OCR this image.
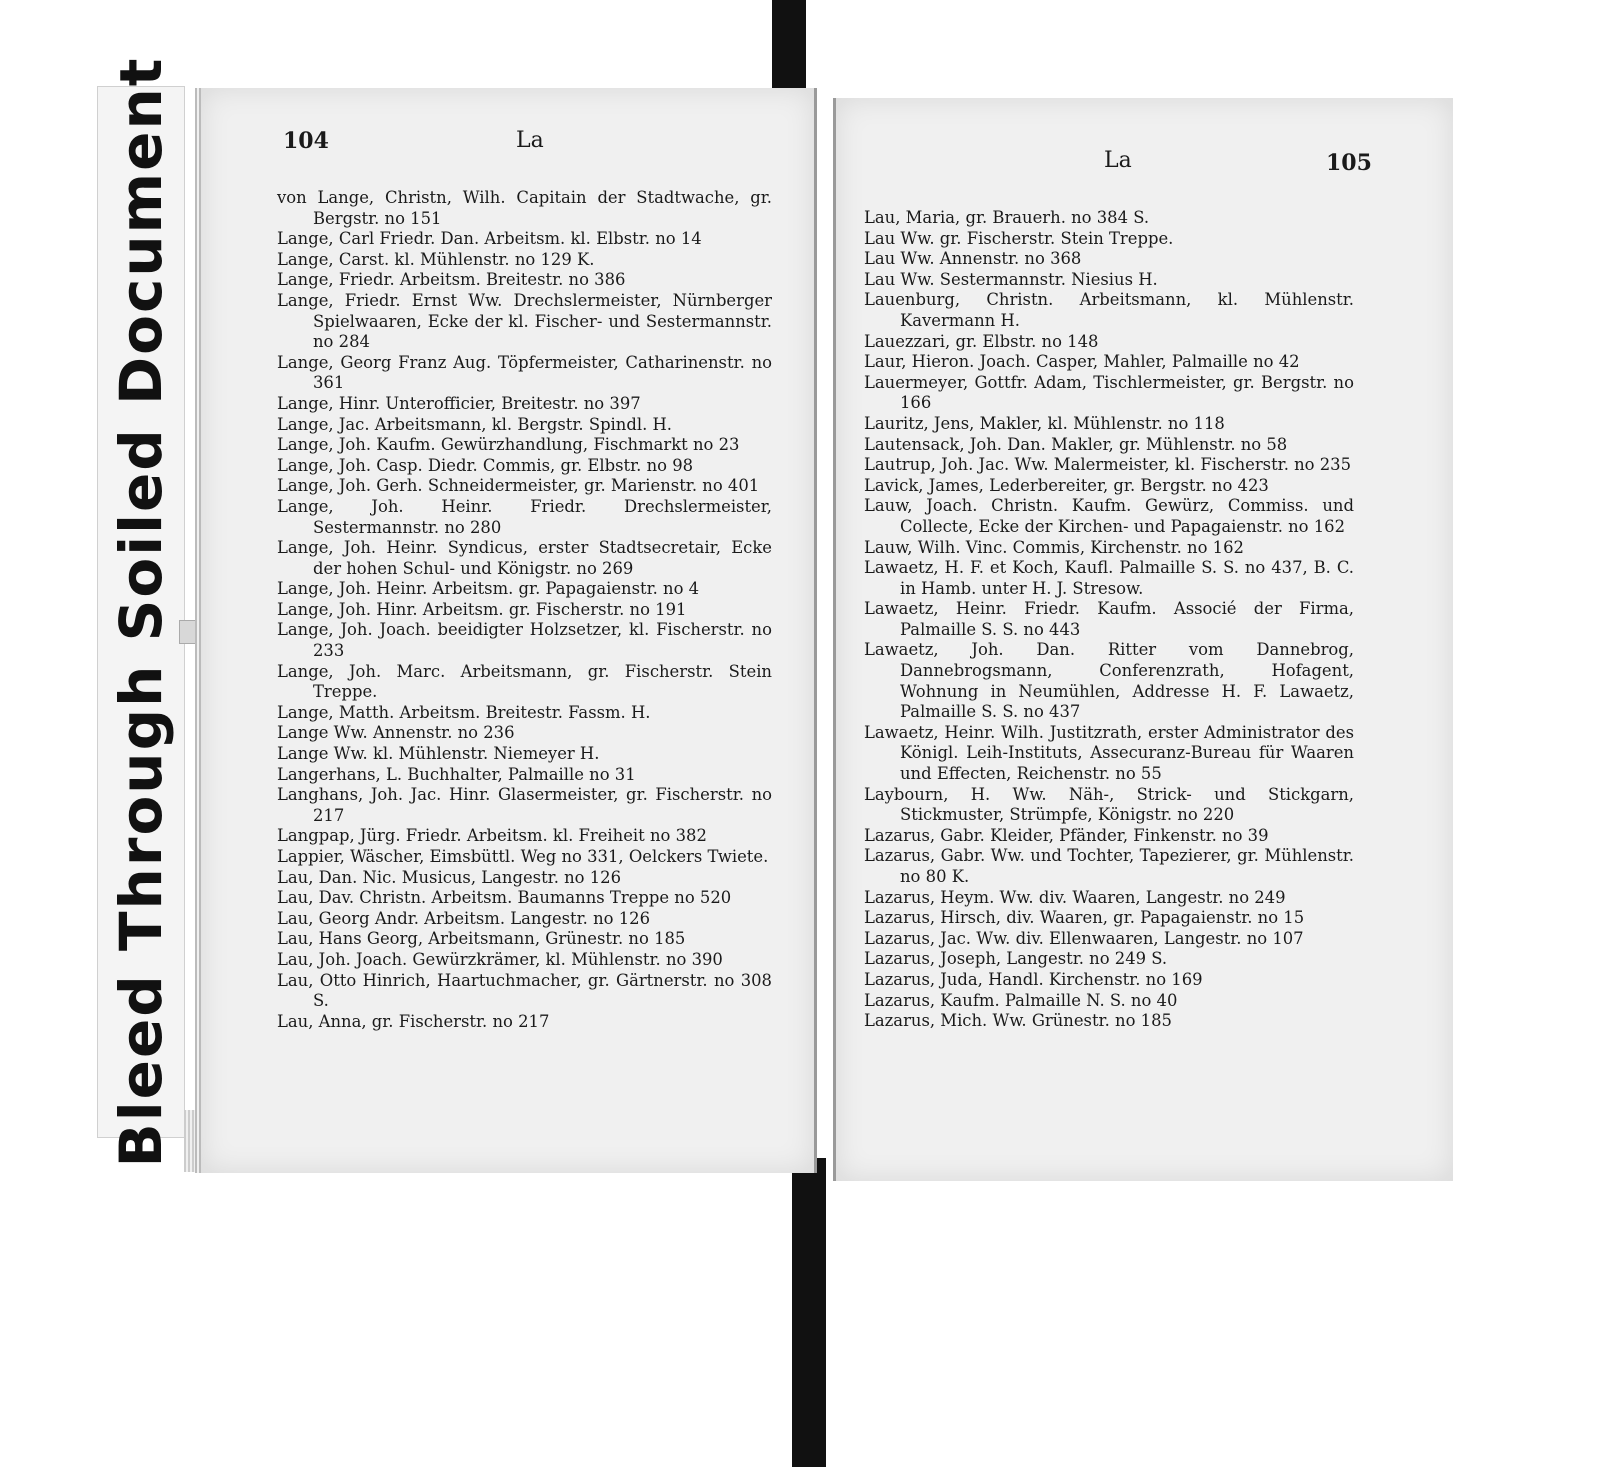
Bleed Through Soiled Document	104	La
von Lange, Christn, Wilh. Capitain der Stadtwache, gr. Bergstr. no 151
Lange, Carl Friedr. Dan. Arbeitsm. kl. Elbstr. no 14
Lange, Carst. kl. Mühlenstr. no 129 K.
Lange, Friedr. Arbeitsm. Breitestr. no 386
Lange, Friedr. Ernst Ww. Drechslermeister, Nürnberger Spielwaaren, Ecke der kl. Fischer- und Sestermannstr. no 284
Lange, Georg Franz Aug. Töpfermeister, Catharinenstr. no 361
Lange, Hinr. Unterofficier, Breitestr. no 397
Lange, Jac. Arbeitsmann, kl. Bergstr. Spindl. H.
Lange, Joh. Kaufm. Gewürzhandlung, Fischmarkt no 23
Lange, Joh. Casp. Diedr. Commis, gr. Elbstr. no 98
Lange, Joh. Gerh. Schneidermeister, gr. Marienstr. no 401
Lange, Joh. Heinr. Friedr. Drechslermeister, Sestermannstr. no 280
Lange, Joh. Heinr. Syndicus, erster Stadtsecretair, Ecke der hohen Schul- und Königstr. no 269
Lange, Joh. Heinr. Arbeitsm. gr. Papagaienstr. no 4
Lange, Joh. Hinr. Arbeitsm. gr. Fischerstr. no 191
Lange, Joh. Joach. beeidigter Holzsetzer, kl. Fischerstr. no 233
Lange, Joh. Marc. Arbeitsmann, gr. Fischerstr. Stein Treppe.
Lange, Matth. Arbeitsm. Breitestr. Fassm. H.
Lange Ww. Annenstr. no 236
Lange Ww. kl. Mühlenstr. Niemeyer H.
Langerhans, L. Buchhalter, Palmaille no 31
Langhans, Joh. Jac. Hinr. Glasermeister, gr. Fischerstr. no 217
Langpap, Jürg. Friedr. Arbeitsm. kl. Freiheit no 382
Lappier, Wäscher, Eimsbüttl. Weg no 331, Oelckers Twiete.
Lau, Dan. Nic. Musicus, Langestr. no 126
Lau, Dav. Christn. Arbeitsm. Baumanns Treppe no 520
Lau, Georg Andr. Arbeitsm. Langestr. no 126
Lau, Hans Georg, Arbeitsmann, Grünestr. no 185
Lau, Joh. Joach. Gewürzkrämer, kl. Mühlenstr. no 390
Lau, Otto Hinrich, Haartuchmacher, gr. Gärtnerstr. no 308 S.
Lau, Anna, gr. Fischerstr. no 217
La	105
Lau, Maria, gr. Brauerh. no 384 S.
Lau Ww. gr. Fischerstr. Stein Treppe.
Lau Ww. Annenstr. no 368
Lau Ww. Sestermannstr. Niesius H.
Lauenburg, Christn. Arbeitsmann, kl. Mühlenstr. Kavermann H.
Lauezzari, gr. Elbstr. no 148
Laur, Hieron. Joach. Casper, Mahler, Palmaille no 42
Lauermeyer, Gottfr. Adam, Tischlermeister, gr. Bergstr. no 166
Lauritz, Jens, Makler, kl. Mühlenstr. no 118
Lautensack, Joh. Dan. Makler, gr. Mühlenstr. no 58
Lautrup, Joh. Jac. Ww. Malermeister, kl. Fischerstr. no 235
Lavick, James, Lederbereiter, gr. Bergstr. no 423
Lauw, Joach. Christn. Kaufm. Gewürz, Commiss. und Collecte, Ecke der Kirchen- und Papagaienstr. no 162
Lauw, Wilh. Vinc. Commis, Kirchenstr. no 162
Lawaetz, H. F. et Koch, Kaufl. Palmaille S. S. no 437, B. C. in Hamb. unter H. J. Stresow.
Lawaetz, Heinr. Friedr. Kaufm. Associé der Firma, Palmaille S. S. no 443
Lawaetz, Joh. Dan. Ritter vom Dannebrog, Dannebrogsmann, Conferenzrath, Hofagent, Wohnung in Neumühlen, Addresse H. F. Lawaetz, Palmaille S. S. no 437
Lawaetz, Heinr. Wilh. Justitzrath, erster Administrator des Königl. Leih-Instituts, Assecuranz-Bureau für Waaren und Effecten, Reichenstr. no 55
Laybourn, H. Ww. Näh-, Strick- und Stickgarn, Stickmuster, Strümpfe, Königstr. no 220
Lazarus, Gabr. Kleider, Pfänder, Finkenstr. no 39
Lazarus, Gabr. Ww. und Tochter, Tapezierer, gr. Mühlenstr. no 80 K.
Lazarus, Heym. Ww. div. Waaren, Langestr. no 249
Lazarus, Hirsch, div. Waaren, gr. Papagaienstr. no 15
Lazarus, Jac. Ww. div. Ellenwaaren, Langestr. no 107
Lazarus, Joseph, Langestr. no 249 S.
Lazarus, Juda, Handl. Kirchenstr. no 169
Lazarus, Kaufm. Palmaille N. S. no 40
Lazarus, Mich. Ww. Grünestr. no 185
